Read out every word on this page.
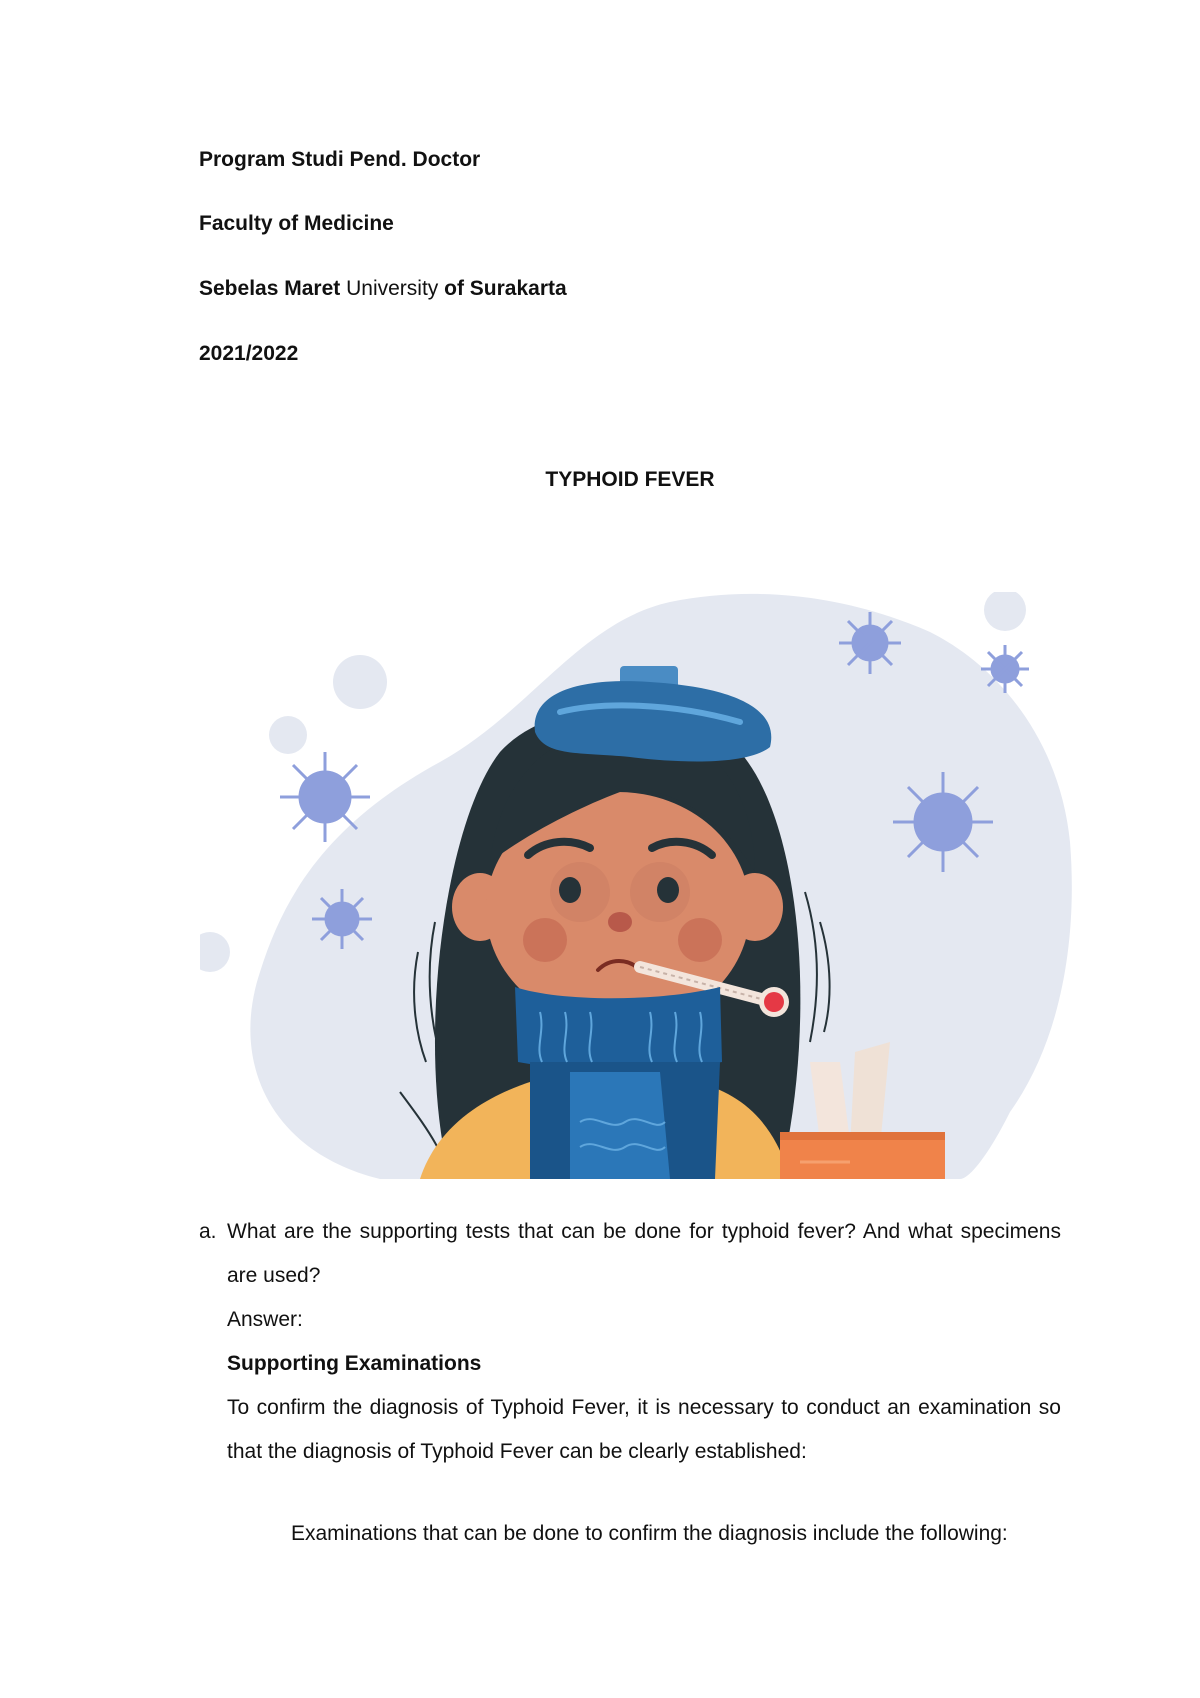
Program Studi Pend. Doctor
Faculty of Medicine
Sebelas Maret University of Surakarta
2021/2022
TYPHOID FEVER
a. What are the supporting tests that can be done for typhoid fever? And what specimens are used?
Answer:
Supporting Examinations
To confirm the diagnosis of Typhoid Fever, it is necessary to conduct an examination so that the diagnosis of Typhoid Fever can be clearly established:
Examinations that can be done to confirm the diagnosis include the following:
